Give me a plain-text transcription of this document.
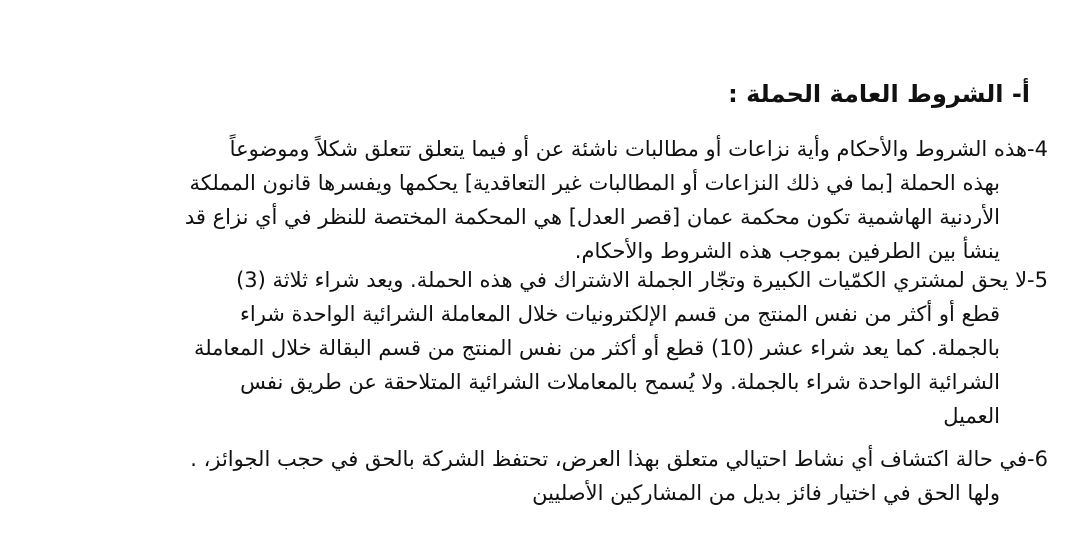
أ- الشروط العامة الحملة :
4-هذه الشروط والأحكام وأية نزاعات أو مطالبات ناشئة عن أو فيما يتعلق تتعلق شكلاً وموضوعاً
بهذه الحملة [بما في ذلك النزاعات أو المطالبات غير التعاقدية] يحكمها ويفسرها قانون المملكة
الأردنية الهاشمية تكون محكمة عمان [قصر العدل] هي المحكمة المختصة للنظر في أي نزاع قد
ينشأ بين الطرفين بموجب هذه الشروط والأحكام.
5-لا يحق لمشتري الكمّيات الكبيرة وتجّار الجملة الاشتراك في هذه الحملة. ويعد شراء ثلاثة (3)
قطع أو أكثر من نفس المنتج من قسم الإلكترونيات خلال المعاملة الشرائية الواحدة شراء
بالجملة. كما يعد شراء عشر (10) قطع أو أكثر من نفس المنتج من قسم البقالة خلال المعاملة
الشرائية الواحدة شراء بالجملة. ولا يُسمح بالمعاملات الشرائية المتلاحقة عن طريق نفس
العميل
6-في حالة اكتشاف أي نشاط احتيالي متعلق بهذا العرض، تحتفظ الشركة بالحق في حجب الجوائز، .
ولها الحق في اختيار فائز بديل من المشاركين الأصليين
